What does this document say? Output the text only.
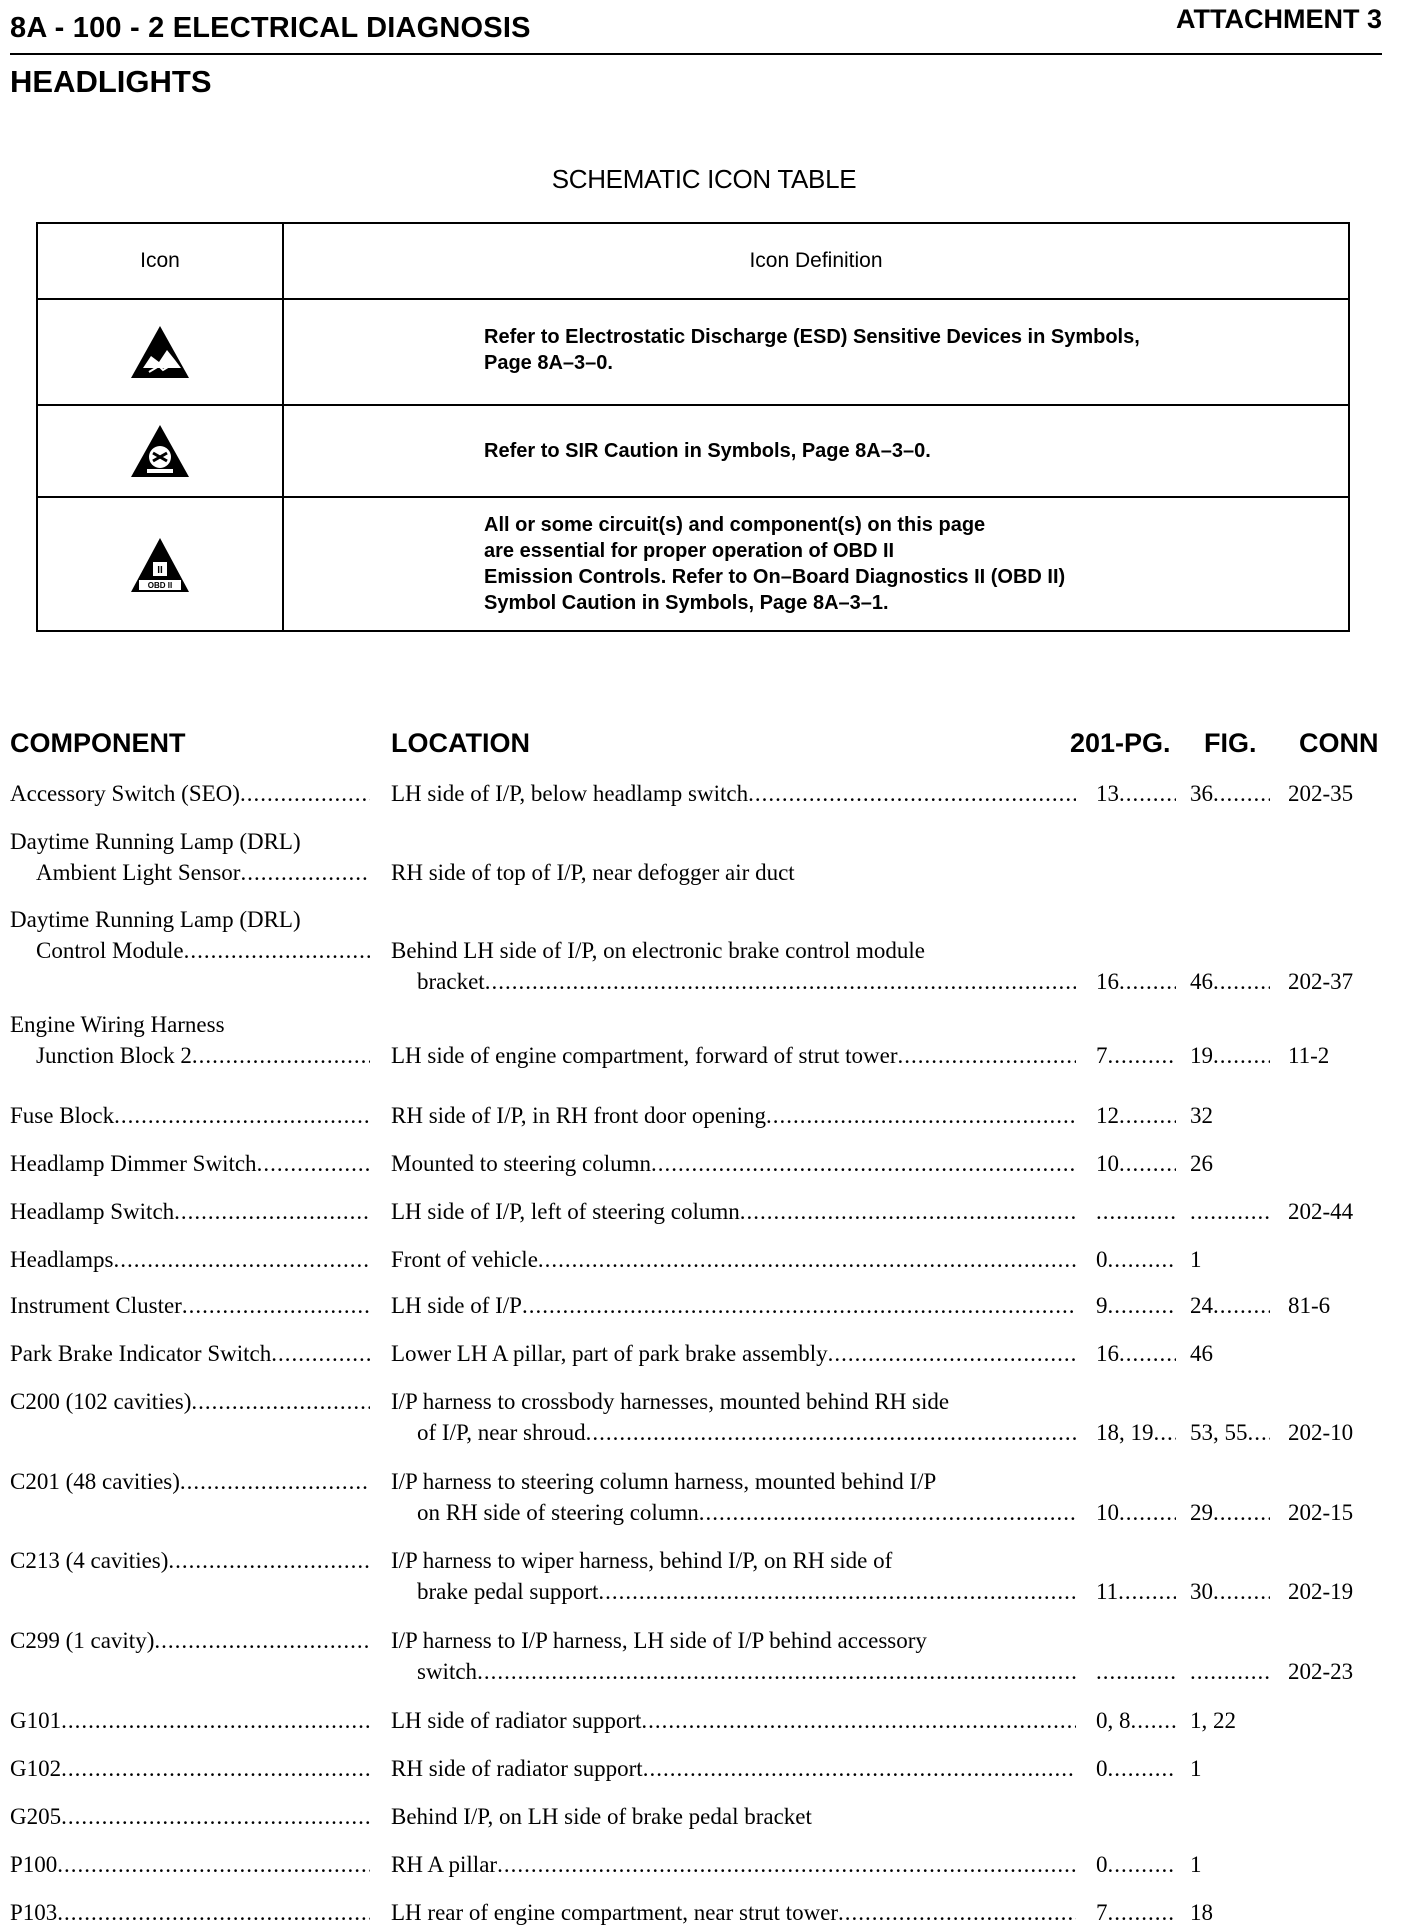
8A - 100 - 2 ELECTRICAL DIAGNOSIS	ATTACHMENT 3
HEADLIGHTS
SCHEMATIC ICON TABLE
Icon	Icon Definition
Refer to Electrostatic Discharge (ESD) Sensitive Devices in Symbols,
Page 8A–3–0.
Refer to SIR Caution in Symbols, Page 8A–3–0.
II
OBD II
All or some circuit(s) and component(s) on this page
are essential for proper operation of OBD II
Emission Controls. Refer to On–Board Diagnostics II (OBD II)
Symbol Caution in Symbols, Page 8A–3–1.
COMPONENT	LOCATION	201-PG. FIG. CONN
Accessory Switch (SEO) .....	LH side of I/P, below headlamp switch .....	13 .....	36 .....	202-35
Daytime Running Lamp (DRL)
Ambient Light Sensor .....	RH side of top of I/P, near defogger air duct
Daytime Running Lamp (DRL)
Control Module .....	Behind LH side of I/P, on electronic brake control module
bracket .....	16 .....	46 .....	202-37
Engine Wiring Harness
Junction Block 2 .....	LH side of engine compartment, forward of strut tower .....	7 .....	19 .....	11-2
Fuse Block .....	RH side of I/P, in RH front door opening .....	12 .....	32
Headlamp Dimmer Switch .....	Mounted to steering column .....	10 .....	26
Headlamp Switch .....	LH side of I/P, left of steering column ..... ..... .....	202-44
Headlamps .....	Front of vehicle .....	0 .....	1
Instrument Cluster .....	LH side of I/P .....	9 .....	24 .....	81-6
Park Brake Indicator Switch .....	Lower LH A pillar, part of park brake assembly .....	16 .....	46
C200 (102 cavities) .....	I/P harness to crossbody harnesses, mounted behind RH side
of I/P, near shroud .....	18, 19 ..... 53, 55 ..... 202-10
C201 (48 cavities) .....	I/P harness to steering column harness, mounted behind I/P
on RH side of steering column .....	10 .....	29 .....	202-15
C213 (4 cavities) .....	I/P harness to wiper harness, behind I/P, on RH side of
brake pedal support .....	11 .....	30 .....	202-19
C299 (1 cavity) .....	I/P harness to I/P harness, LH side of I/P behind accessory
switch ..... ..... .....	202-23
G101 .....	LH side of radiator support .....	0, 8 .....	1, 22
G102 .....	RH side of radiator support .....	0 .....	1
G205 .....	Behind I/P, on LH side of brake pedal bracket
P100 .....	RH A pillar .....	0 .....	1
P103 .....	LH rear of engine compartment, near strut tower .....	7 .....	18
